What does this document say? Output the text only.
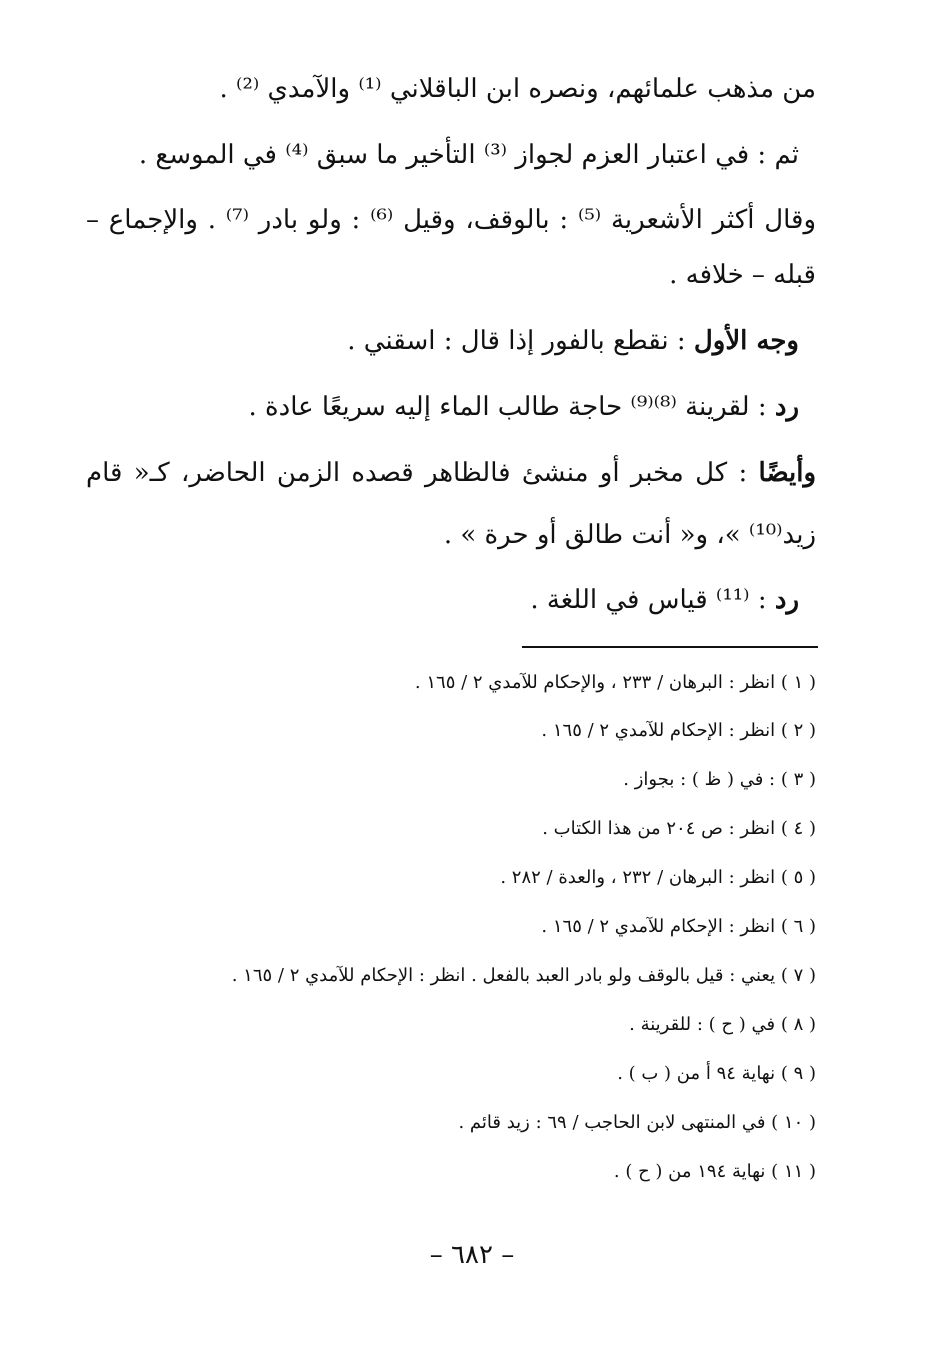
من مذهب علمائهم، ونصره ابن الباقلاني ⁽¹⁾ والآمدي ⁽²⁾ .
ثم : في اعتبار العزم لجواز ⁽³⁾ التأخير ما سبق ⁽⁴⁾ في الموسع .
وقال أكثر الأشعرية ⁽⁵⁾ : بالوقف، وقيل ⁽⁶⁾ : ولو بادر ⁽⁷⁾ . والإجماع –
قبله – خلافه .
وجه الأول : نقطع بالفور إذا قال : اسقني .
رد : لقرينة ⁽⁸⁾⁽⁹⁾ حاجة طالب الماء إليه سريعًا عادة .
وأيضًا : كل مخبر أو منشئ فالظاهر قصده الزمن الحاضر، كـ« قام
زيد⁽¹⁰⁾ »، و« أنت طالق أو حرة » .
رد : ⁽¹¹⁾ قياس في اللغة .
( ١ ) انظر : البرهان / ٢٣٣ ، والإحكام للآمدي ٢ / ١٦٥ .
( ٢ ) انظر : الإحكام للآمدي ٢ / ١٦٥ .
( ٣ ) : في ( ظ ) : بجواز .
( ٤ ) انظر : ص ٢٠٤ من هذا الكتاب .
( ٥ ) انظر : البرهان / ٢٣٢ ، والعدة / ٢٨٢ .
( ٦ ) انظر : الإحكام للآمدي ٢ / ١٦٥ .
( ٧ ) يعني : قيل بالوقف ولو بادر العبد بالفعل . انظر : الإحكام للآمدي ٢ / ١٦٥ .
( ٨ ) في ( ح ) : للقرينة .
( ٩ ) نهاية ٩٤ أ من ( ب ) .
( ١٠ ) في المنتهى لابن الحاجب / ٦٩ : زيد قائم .
( ١١ ) نهاية ١٩٤ من ( ح ) .
– ٦٨٢ –
